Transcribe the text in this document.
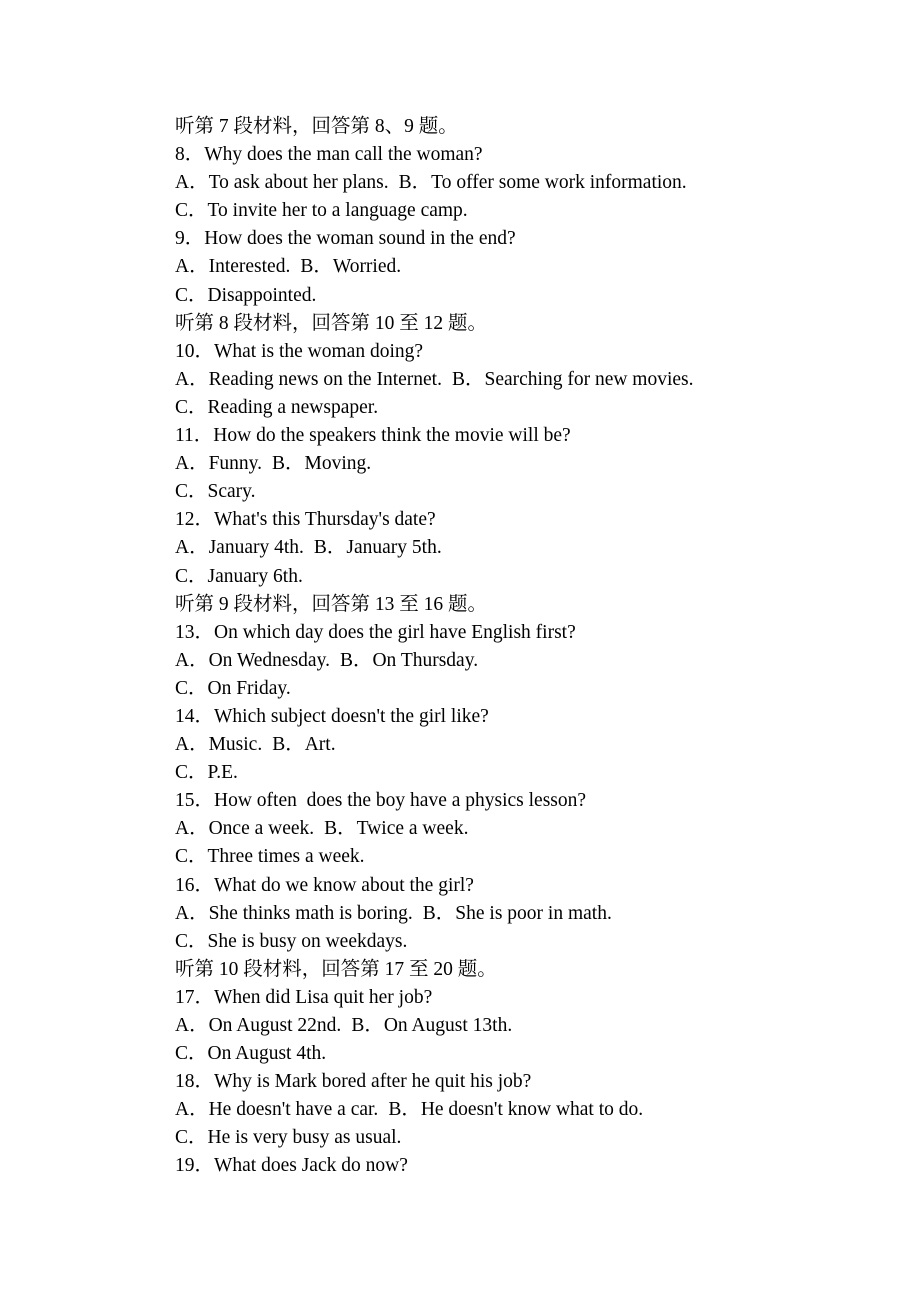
听第 7 段材料，回答第 8、9 题。
8．Why does the man call the woman?
A．To ask about her plans. B．To offer some work information.
C．To invite her to a language camp.
9．How does the woman sound in the end?
A．Interested. B．Worried.
C．Disappointed.
听第 8 段材料，回答第 10 至 12 题。
10．What is the woman doing?
A．Reading news on the Internet. B．Searching for new movies.
C．Reading a newspaper.
11．How do the speakers think the movie will be?
A．Funny. B．Moving.
C．Scary.
12．What's this Thursday's date?
A．January 4th. B．January 5th.
C．January 6th.
听第 9 段材料，回答第 13 至 16 题。
13．On which day does the girl have English first?
A．On Wednesday. B．On Thursday.
C．On Friday.
14．Which subject doesn't the girl like?
A．Music. B．Art.
C．P.E.
15．How often  does the boy have a physics lesson?
A．Once a week. B．Twice a week.
C．Three times a week.
16．What do we know about the girl?
A．She thinks math is boring. B．She is poor in math.
C．She is busy on weekdays.
听第 10 段材料，回答第 17 至 20 题。
17．When did Lisa quit her job?
A．On August 22nd. B．On August 13th.
C．On August 4th.
18．Why is Mark bored after he quit his job?
A．He doesn't have a car. B．He doesn't know what to do.
C．He is very busy as usual.
19．What does Jack do now?
